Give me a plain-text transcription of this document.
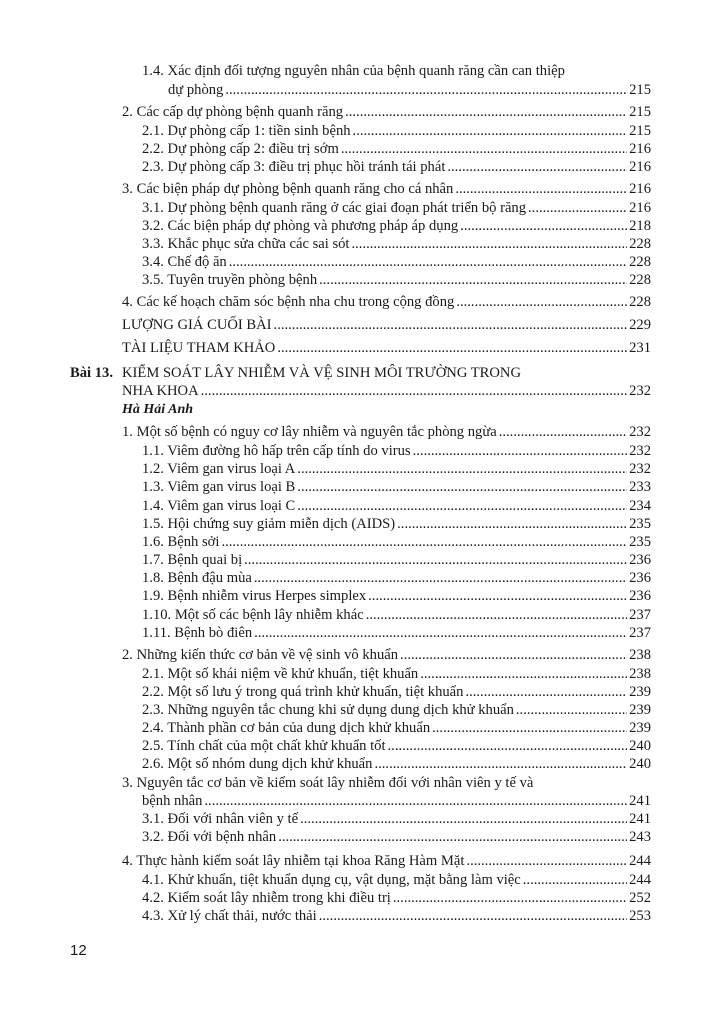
1.4. Xác định đối tượng nguyên nhân của bệnh quanh răng cần can thiệp
dự phòng .....	215
2. Các cấp dự phòng bệnh quanh răng .....	215
2.1. Dự phòng cấp 1: tiền sinh bệnh .....	215
2.2. Dự phòng cấp 2: điều trị sớm .....	216
2.3. Dự phòng cấp 3: điều trị phục hồi tránh tái phát .....	216
3. Các biện pháp dự phòng bệnh quanh răng cho cá nhân .....	216
3.1. Dự phòng bệnh quanh răng ở các giai đoạn phát triển bộ răng .....	216
3.2. Các biện pháp dự phòng và phương pháp áp dụng .....	218
3.3. Khắc phục sửa chữa các sai sót .....	228
3.4. Chế độ ăn .....	228
3.5. Tuyên truyền phòng bệnh .....	228
4. Các kế hoạch chăm sóc bệnh nha chu trong cộng đồng .....	228
LƯỢNG GIÁ CUỐI BÀI .....	229
TÀI LIỆU THAM KHẢO .....	231
Bài 13. KIỂM SOÁT LÂY NHIỄM VÀ VỆ SINH MÔI TRƯỜNG TRONG
NHA KHOA .....	232
Hà Hải Anh
1. Một số bệnh có nguy cơ lây nhiễm và nguyên tắc phòng ngừa .....	232
1.1. Viêm đường hô hấp trên cấp tính do virus .....	232
1.2. Viêm gan virus loại A .....	232
1.3. Viêm gan virus loại B .....	233
1.4. Viêm gan virus loại C .....	234
1.5. Hội chứng suy giảm miễn dịch (AIDS) .....	235
1.6. Bệnh sởi .....	235
1.7. Bệnh quai bị .....	236
1.8. Bệnh đậu mùa .....	236
1.9. Bệnh nhiễm virus Herpes simplex .....	236
1.10. Một số các bệnh lây nhiễm khác .....	237
1.11. Bệnh bò điên .....	237
2. Những kiến thức cơ bản về vệ sinh vô khuẩn .....	238
2.1. Một số khái niệm về khử khuẩn, tiệt khuẩn .....	238
2.2. Một số lưu ý trong quá trình khử khuẩn, tiệt khuẩn .....	239
2.3. Những nguyên tắc chung khi sử dụng dung dịch khử khuẩn .....	239
2.4. Thành phần cơ bản của dung dịch khử khuẩn .....	239
2.5. Tính chất của một chất khử khuẩn tốt .....	240
2.6. Một số nhóm dung dịch khử khuẩn .....	240
3. Nguyên tắc cơ bản về kiểm soát lây nhiễm đối với nhân viên y tế và
bệnh nhân .....	241
3.1. Đối với nhân viên y tế .....	241
3.2. Đối với bệnh nhân .....	243
4. Thực hành kiểm soát lây nhiễm tại khoa Răng Hàm Mặt .....	244
4.1. Khử khuẩn, tiệt khuẩn dụng cụ, vật dụng, mặt bằng làm việc .....	244
4.2. Kiểm soát lây nhiễm trong khi điều trị .....	252
4.3. Xử lý chất thải, nước thải .....	253
12
